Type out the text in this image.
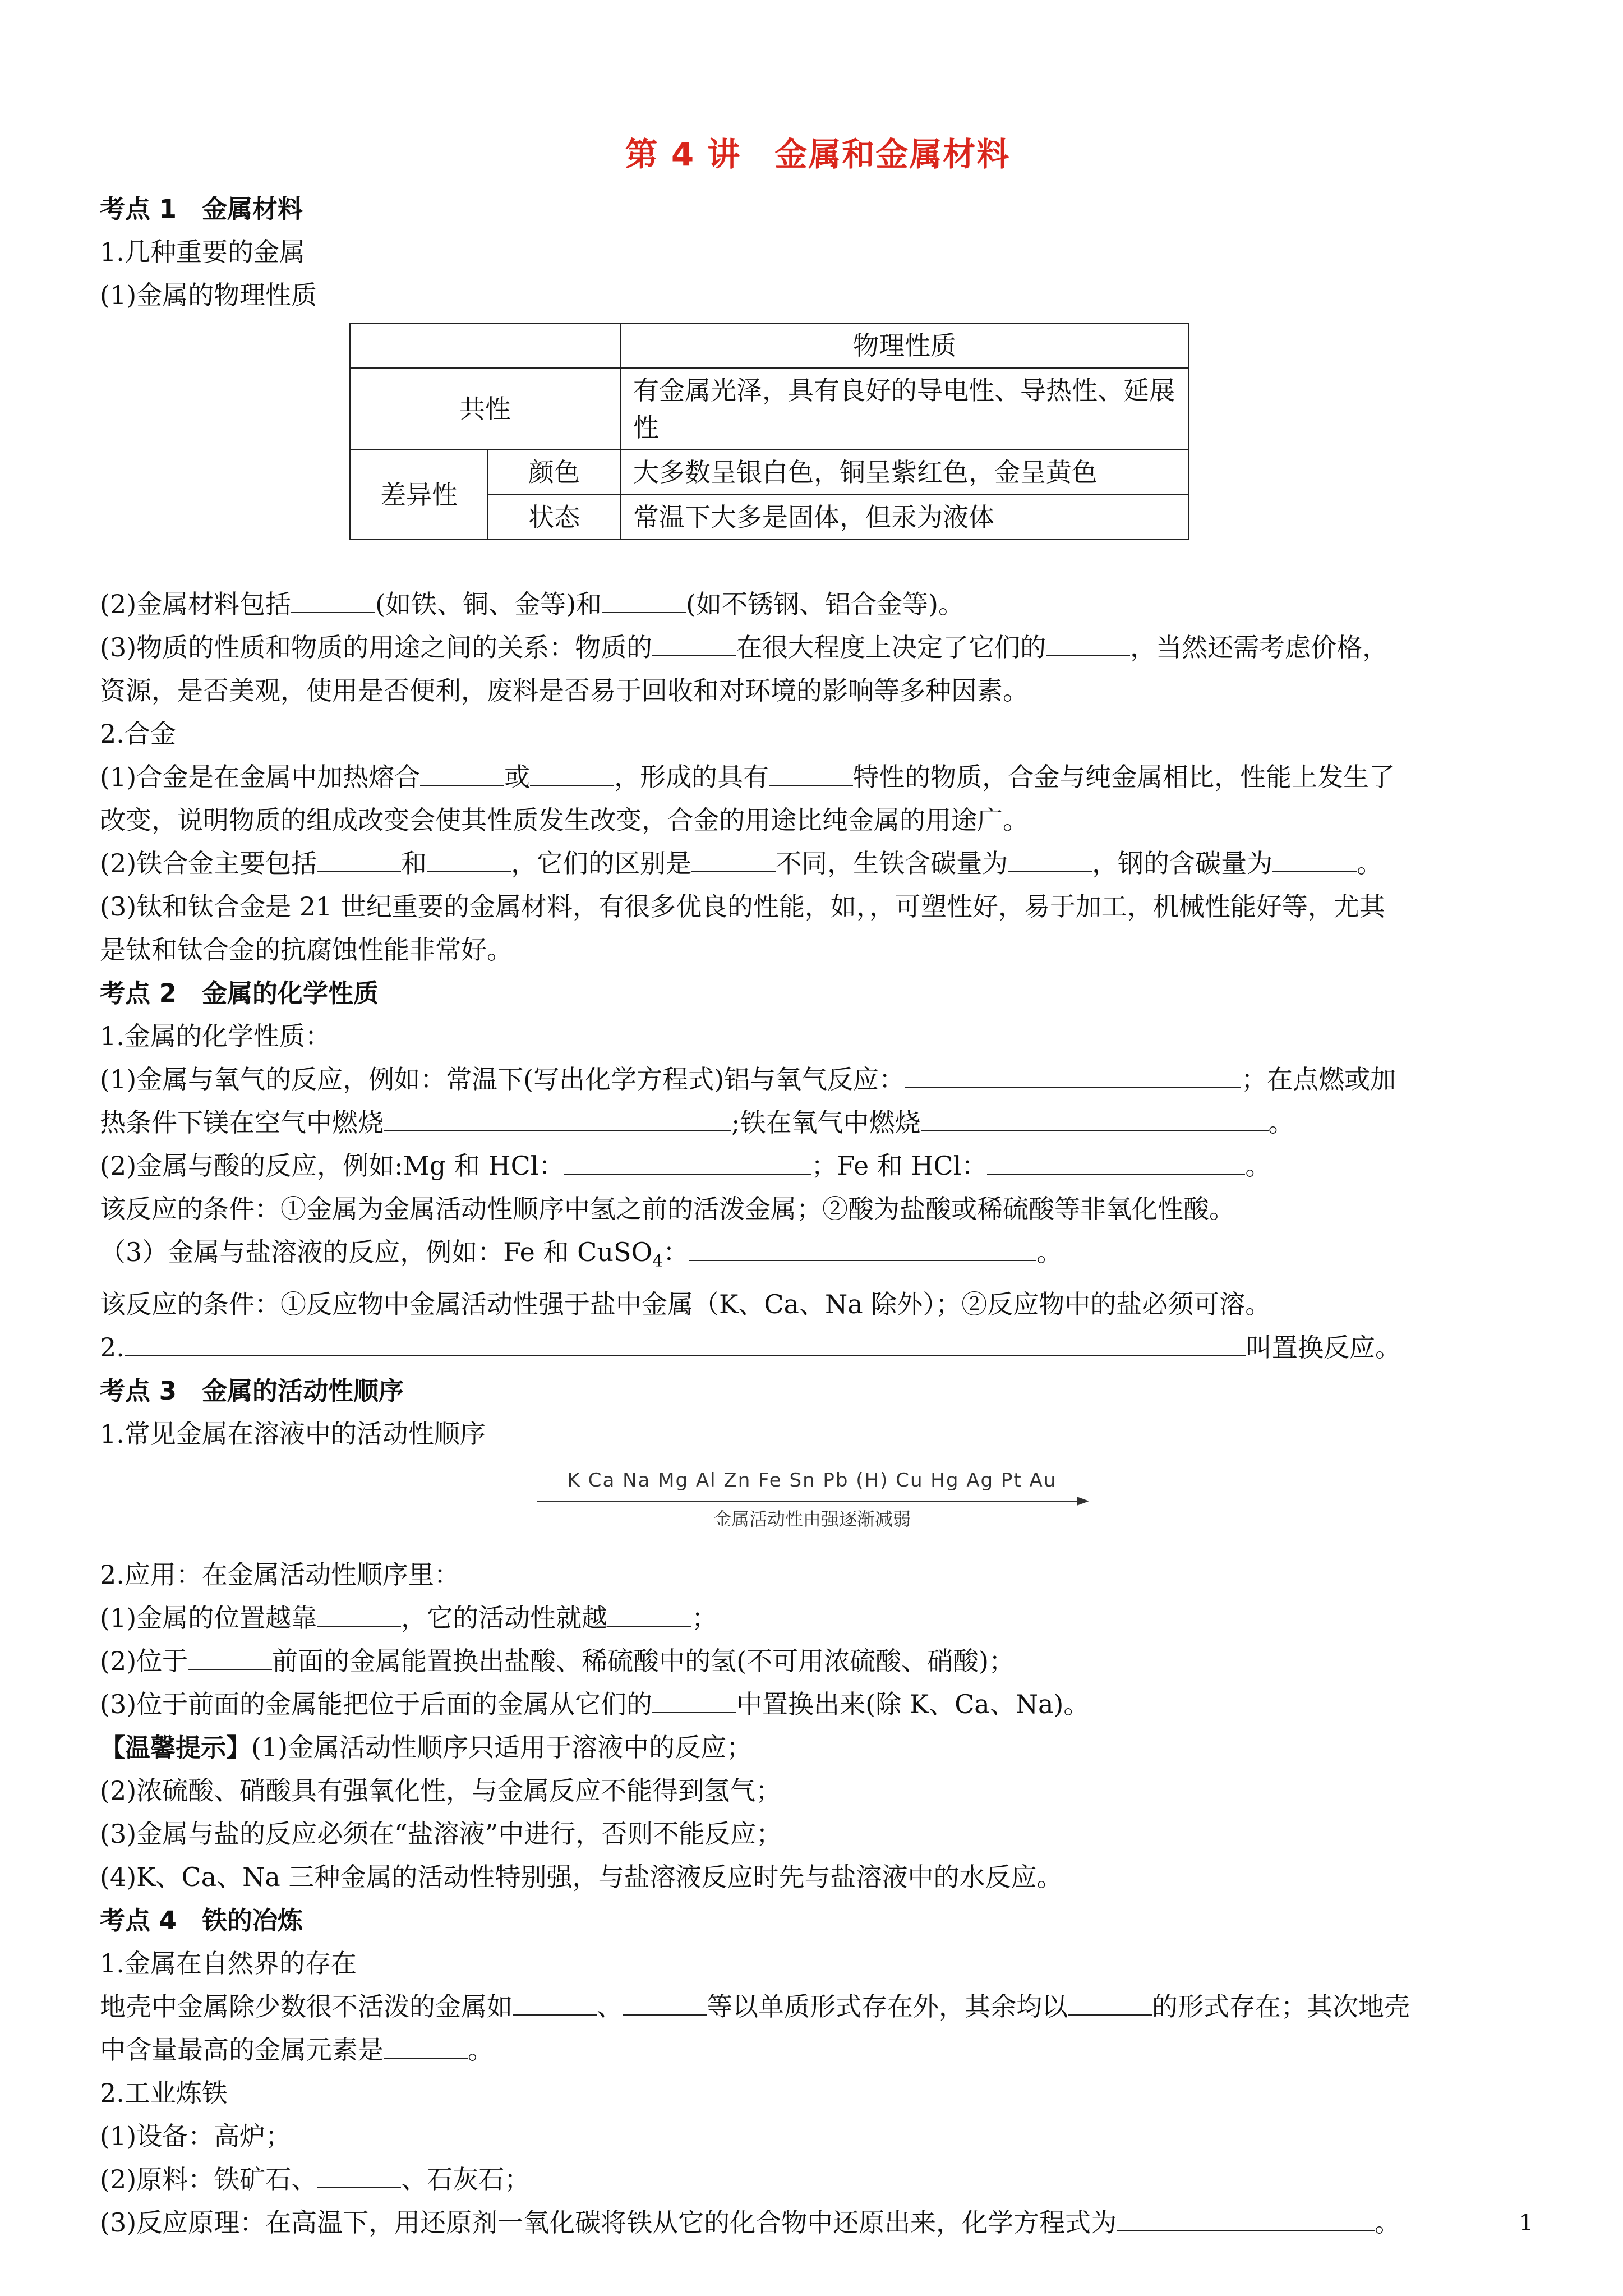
第 4 讲　金属和金属材料

考点 1　金属材料

1.几种重要的金属

(1)金属的物理性质

		物理性质
共性		有金属光泽，具有良好的导电性、导热性、延展性
差异性	颜色	大多数呈银白色，铜呈紫红色，金呈黄色
	状态	常温下大多是固体，但汞为液体

(2)金属材料包括	(如铁、铜、金等)和	(如不锈钢、铝合金等)。

(3)物质的性质和物质的用途之间的关系：物质的	在很大程度上决定了它们的	，当然还需考虑价格，

资源，是否美观，使用是否便利，废料是否易于回收和对环境的影响等多种因素。

2.合金

(1)合金是在金属中加热熔合	或	，形成的具有	特性的物质，合金与纯金属相比，性能上发生了

改变，说明物质的组成改变会使其性质发生改变，合金的用途比纯金属的用途广。

(2)铁合金主要包括	和	，它们的区别是	不同，生铁含碳量为	，钢的含碳量为	。

(3)钛和钛合金是 21 世纪重要的金属材料，有很多优良的性能，如，，可塑性好，易于加工，机械性能好等，尤其

是钛和钛合金的抗腐蚀性能非常好。

考点 2　金属的化学性质

1.金属的化学性质：

(1)金属与氧气的反应，例如：常温下(写出化学方程式)铝与氧气反应：	；在点燃或加

热条件下镁在空气中燃烧	;铁在氧气中燃烧	。

(2)金属与酸的反应，例如:Mg 和 HCl：	；Fe 和 HCl：	。

该反应的条件：①金属为金属活动性顺序中氢之前的活泼金属；②酸为盐酸或稀硫酸等非氧化性酸。

（3）金属与盐溶液的反应，例如：Fe 和 CuSO$_4$：	。

该反应的条件：①反应物中金属活动性强于盐中金属（K、Ca、Na 除外）；②反应物中的盐必须可溶。

2.	叫置换反应。

考点 3　金属的活动性顺序

1.常见金属在溶液中的活动性顺序

K Ca Na Mg Al Zn Fe Sn Pb (H) Cu Hg Ag Pt Au
金属活动性由强逐渐减弱

2.应用：在金属活动性顺序里：

(1)金属的位置越靠	，它的活动性就越	；

(2)位于	前面的金属能置换出盐酸、稀硫酸中的氢(不可用浓硫酸、硝酸)；

(3)位于前面的金属能把位于后面的金属从它们的	中置换出来(除 K、Ca、Na)。

【温馨提示】(1)金属活动性顺序只适用于溶液中的反应；

(2)浓硫酸、硝酸具有强氧化性，与金属反应不能得到氢气；

(3)金属与盐的反应必须在“盐溶液”中进行，否则不能反应；

(4)K、Ca、Na 三种金属的活动性特别强，与盐溶液反应时先与盐溶液中的水反应。

考点 4　铁的冶炼

1.金属在自然界的存在

地壳中金属除少数很不活泼的金属如	、	等以单质形式存在外，其余均以	的形式存在；其次地壳

中含量最高的金属元素是	。

2.工业炼铁

(1)设备：高炉；

(2)原料：铁矿石、	、石灰石；

(3)反应原理：在高温下，用还原剂一氧化碳将铁从它的化合物中还原出来，化学方程式为	。	1
